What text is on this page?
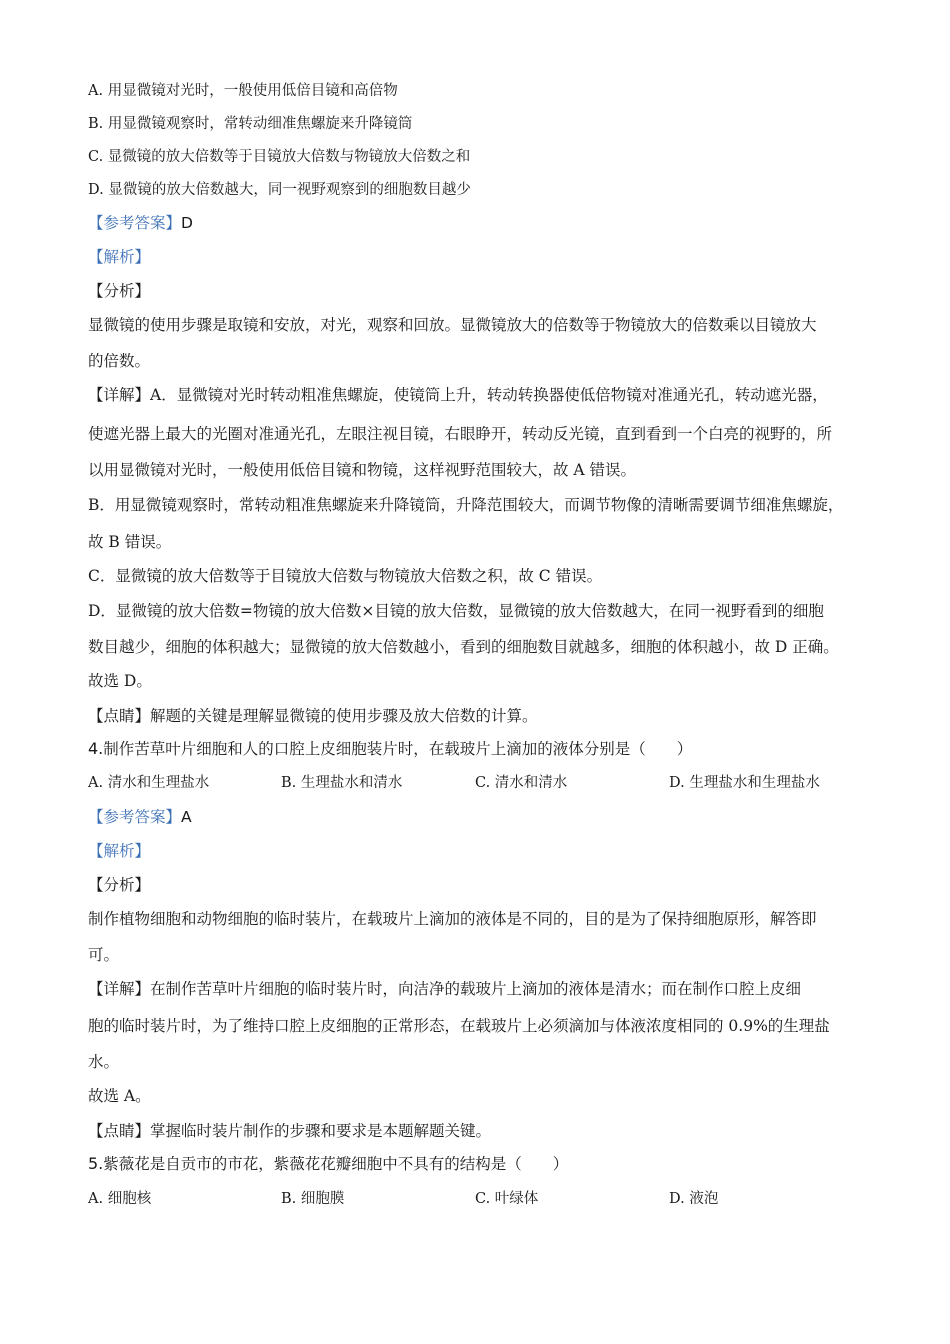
A. 用显微镜对光时，一般使用低倍目镜和高倍物
B. 用显微镜观察时，常转动细准焦螺旋来升降镜筒
C. 显微镜的放大倍数等于目镜放大倍数与物镜放大倍数之和
D. 显微镜的放大倍数越大，同一视野观察到的细胞数目越少
【参考答案】D
【解析】
【分析】
显微镜的使用步骤是取镜和安放，对光，观察和回放。显微镜放大的倍数等于物镜放大的倍数乘以目镜放大
的倍数。
【详解】A．显微镜对光时转动粗准焦螺旋，使镜筒上升，转动转换器使低倍物镜对准通光孔，转动遮光器，
使遮光器上最大的光圈对准通光孔，左眼注视目镜，右眼睁开，转动反光镜，直到看到一个白亮的视野的，所
以用显微镜对光时，一般使用低倍目镜和物镜，这样视野范围较大，故 A 错误。
B．用显微镜观察时，常转动粗准焦螺旋来升降镜筒，升降范围较大，而调节物像的清晰需要调节细准焦螺旋，
故 B 错误。
C．显微镜的放大倍数等于目镜放大倍数与物镜放大倍数之积，故 C 错误。
D．显微镜的放大倍数=物镜的放大倍数×目镜的放大倍数，显微镜的放大倍数越大，在同一视野看到的细胞
数目越少，细胞的体积越大；显微镜的放大倍数越小，看到的细胞数目就越多，细胞的体积越小，故 D 正确。
故选 D。
【点睛】解题的关键是理解显微镜的使用步骤及放大倍数的计算。
4.制作苦草叶片细胞和人的口腔上皮细胞装片时，在载玻片上滴加的液体分别是（　　）
A. 清水和生理盐水	B. 生理盐水和清水	C. 清水和清水	D. 生理盐水和生理盐水
【参考答案】A
【解析】
【分析】
制作植物细胞和动物细胞的临时装片，在载玻片上滴加的液体是不同的，目的是为了保持细胞原形，解答即
可。
【详解】在制作苦草叶片细胞的临时装片时，向洁净的载玻片上滴加的液体是清水；而在制作口腔上皮细
胞的临时装片时，为了维持口腔上皮细胞的正常形态，在载玻片上必须滴加与体液浓度相同的 0.9%的生理盐
水。
故选 A。
【点睛】掌握临时装片制作的步骤和要求是本题解题关键。
5.紫薇花是自贡市的市花，紫薇花花瓣细胞中不具有的结构是（　　）
A. 细胞核	B. 细胞膜	C. 叶绿体	D. 液泡
